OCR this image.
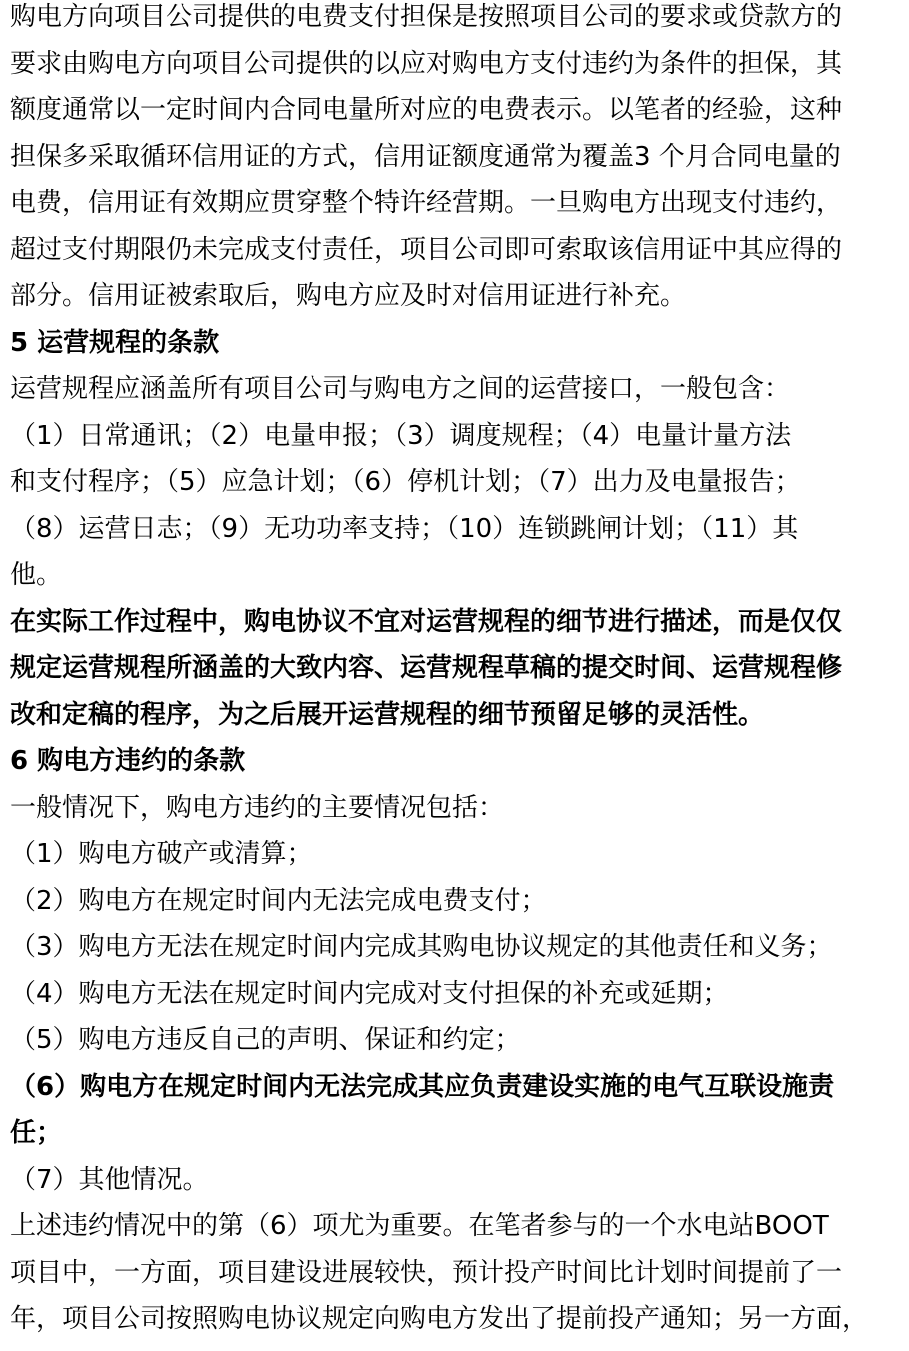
购电方向项目公司提供的电费支付担保是按照项目公司的要求或贷款方的
要求由购电方向项目公司提供的以应对购电方支付违约为条件的担保，其
额度通常以一定时间内合同电量所对应的电费表示。以笔者的经验，这种
担保多采取循环信用证的方式，信用证额度通常为覆盖3 个月合同电量的
电费，信用证有效期应贯穿整个特许经营期。一旦购电方出现支付违约，
超过支付期限仍未完成支付责任，项目公司即可索取该信用证中其应得的
部分。信用证被索取后，购电方应及时对信用证进行补充。
5 运营规程的条款
运营规程应涵盖所有项目公司与购电方之间的运营接口，一般包含：
（1）日常通讯；（2）电量申报；（3）调度规程；（4）电量计量方法
和支付程序；（5）应急计划；（6）停机计划；（7）出力及电量报告；
（8）运营日志；（9）无功功率支持；（10）连锁跳闸计划；（11）其
他。
在实际工作过程中，购电协议不宜对运营规程的细节进行描述，而是仅仅
规定运营规程所涵盖的大致内容、运营规程草稿的提交时间、运营规程修
改和定稿的程序，为之后展开运营规程的细节预留足够的灵活性。
6 购电方违约的条款
一般情况下，购电方违约的主要情况包括：
（1）购电方破产或清算；
（2）购电方在规定时间内无法完成电费支付；
（3）购电方无法在规定时间内完成其购电协议规定的其他责任和义务；
（4）购电方无法在规定时间内完成对支付担保的补充或延期；
（5）购电方违反自己的声明、保证和约定；
（6）购电方在规定时间内无法完成其应负责建设实施的电气互联设施责
任；
（7）其他情况。
上述违约情况中的第（6）项尤为重要。在笔者参与的一个水电站BOOT
项目中，一方面，项目建设进展较快，预计投产时间比计划时间提前了一
年，项目公司按照购电协议规定向购电方发出了提前投产通知；另一方面，
